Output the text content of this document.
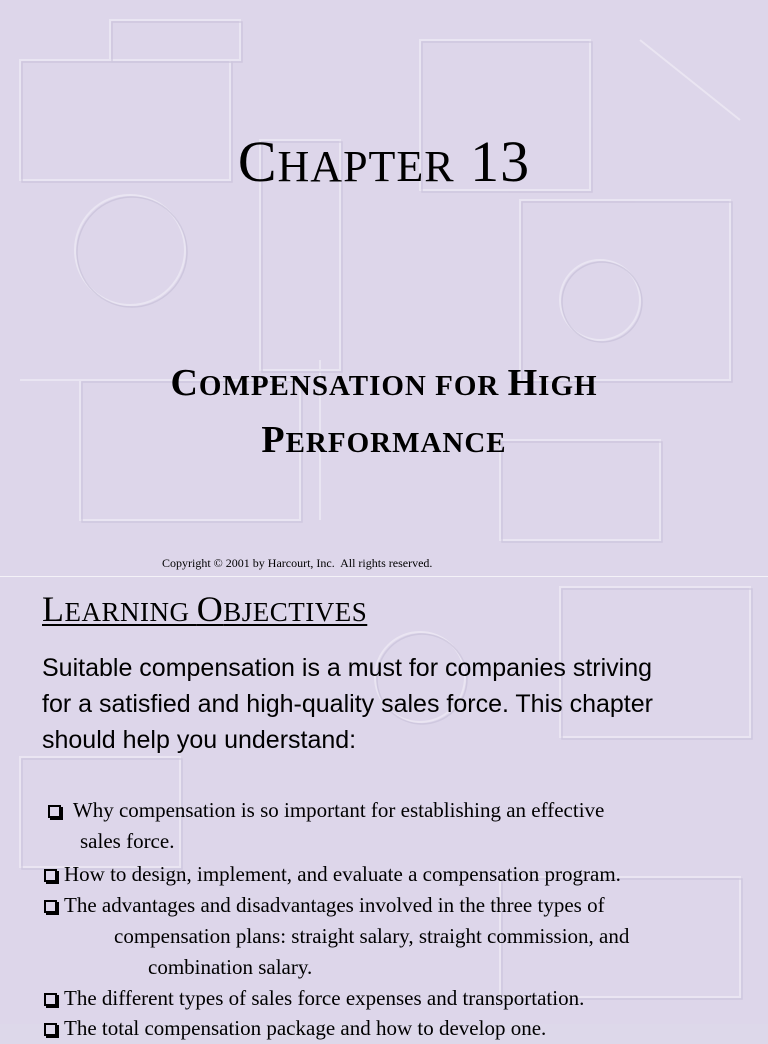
CHAPTER 13
COMPENSATION FOR HIGH
PERFORMANCE
Copyright © 2001 by Harcourt, Inc.  All rights reserved.
LEARNING OBJECTIVES
Suitable compensation is a must for companies striving
for a satisfied and high-quality sales force. This chapter
should help you understand:
Why compensation is so important for establishing an effective
sales force.
How to design, implement, and evaluate a compensation program.
The advantages and disadvantages involved in the three types of
compensation plans: straight salary, straight commission, and
combination salary.
The different types of sales force expenses and transportation.
The total compensation package and how to develop one.
